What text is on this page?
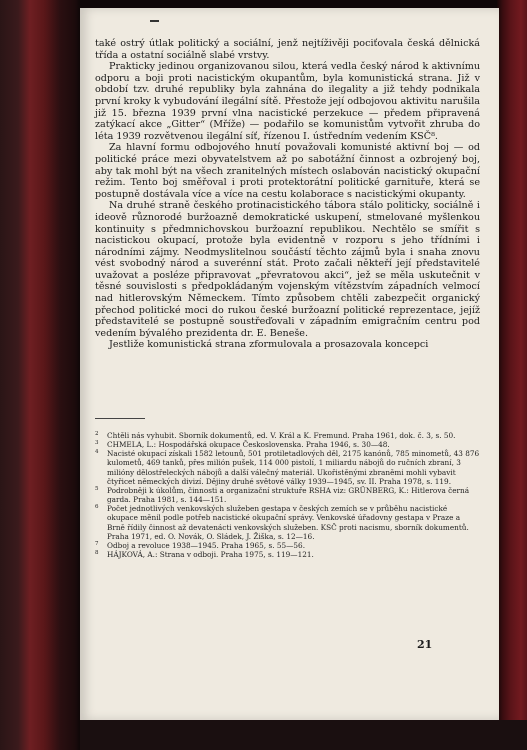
také ostrý útlak politický a sociální, jenž nejtíživěji pociťovala česká dělnická třída a ostatní sociálně slabé vrstvy.

Prakticky jedinou organizovanou silou, která vedla český národ k aktivnímu odporu a boji proti nacistickým okupantům, byla komunistická strana. Již v období tzv. druhé republiky byla zahnána do ilegality a již tehdy podnikala první kroky k vybudování ilegální sítě. Přestože její odbojovou aktivitu narušila již 15. března 1939 první vlna nacistické perzekuce — předem připravená zatýkací akce „Gitter“ (Mříže) — podařilo se komunistům vytvořit zhruba do léta 1939 rozvětvenou ilegální síť, řízenou I. ústředním vedením KSČ⁸.

Za hlavní formu odbojového hnutí považovali komunisté aktivní boj — od politické práce mezi obyvatelstvem až po sabotážní činnost a ozbrojený boj, aby tak mohl být na všech zranitelných místech oslabován nacistický okupační režim. Tento boj směřoval i proti protektorátní politické garnituře, která se postupně dostávala více a více na cestu kolaborace s nacistickými okupanty.

Na druhé straně českého protinacistického tábora stálo politicky, sociálně i ideově různorodé buržoazně demokratické uskupení, stmelované myšlenkou kontinuity s předmnichovskou buržoazní republikou. Nechtělo se smířit s nacistickou okupací, protože byla evidentně v rozporu s jeho třídními i národními zájmy. Neodmyslitelnou součástí těchto zájmů byla i snaha znovu vést svobodný národ a suverénní stát. Proto začali někteří její představitelé uvažovat a posléze připravovat „převratovou akci“, jež se měla uskutečnit v těsné souvislosti s předpokládaným vojenským vítězstvím západních velmocí nad hitlerovským Německem. Tímto způsobem chtěli zabezpečit organický přechod politické moci do rukou české buržoazní politické reprezentace, jejíž představitelé se postupně soustřeďovali v západním emigračním centru pod vedením bývalého prezidenta dr. E. Beneše.

Jestliže komunistická strana zformulovala a prosazovala koncepci

2 Chtěli nás vyhubit. Sborník dokumentů, ed. V. Král a K. Fremund. Praha 1961, dok. č. 3, s. 50.
3 CHMELA, L.: Hospodářská okupace Československa. Praha 1946, s. 30—48.
4 Nacisté okupací získali 1582 letounů, 501 protiletadlových děl, 2175 kanónů, 785 minometů, 43 876 kulometů, 469 tanků, přes milión pušek, 114 000 pistolí, 1 miliardu nábojů do ručních zbraní, 3 milióny dělostřeleckých nábojů a další válečný materiál. Ukořistěnými zbraněmi mohli vybavit čtyřicet německých divizí. Dějiny druhé světové války 1939—1945, sv. II. Praha 1978, s. 119.
5 Podrobněji k úkolům, činnosti a organizační struktuře RSHA viz: GRÜNBERG, K.: Hitlerova černá garda. Praha 1981, s. 144—151.
6 Počet jednotlivých venkovských služeben gestapa v českých zemích se v průběhu nacistické okupace měnil podle potřeb nacistické okupační správy. Venkovské úřadovny gestapa v Praze a Brně řídily činnost až devatenácti venkovských služeben. KSČ proti nacismu, sborník dokumentů. Praha 1971, ed. O. Novák, O. Sládek, J. Žiška, s. 12—16.
7 Odboj a revoluce 1938—1945. Praha 1965, s. 55—56.
8 HÁJKOVÁ, A.: Strana v odboji. Praha 1975, s. 119—121.
21
